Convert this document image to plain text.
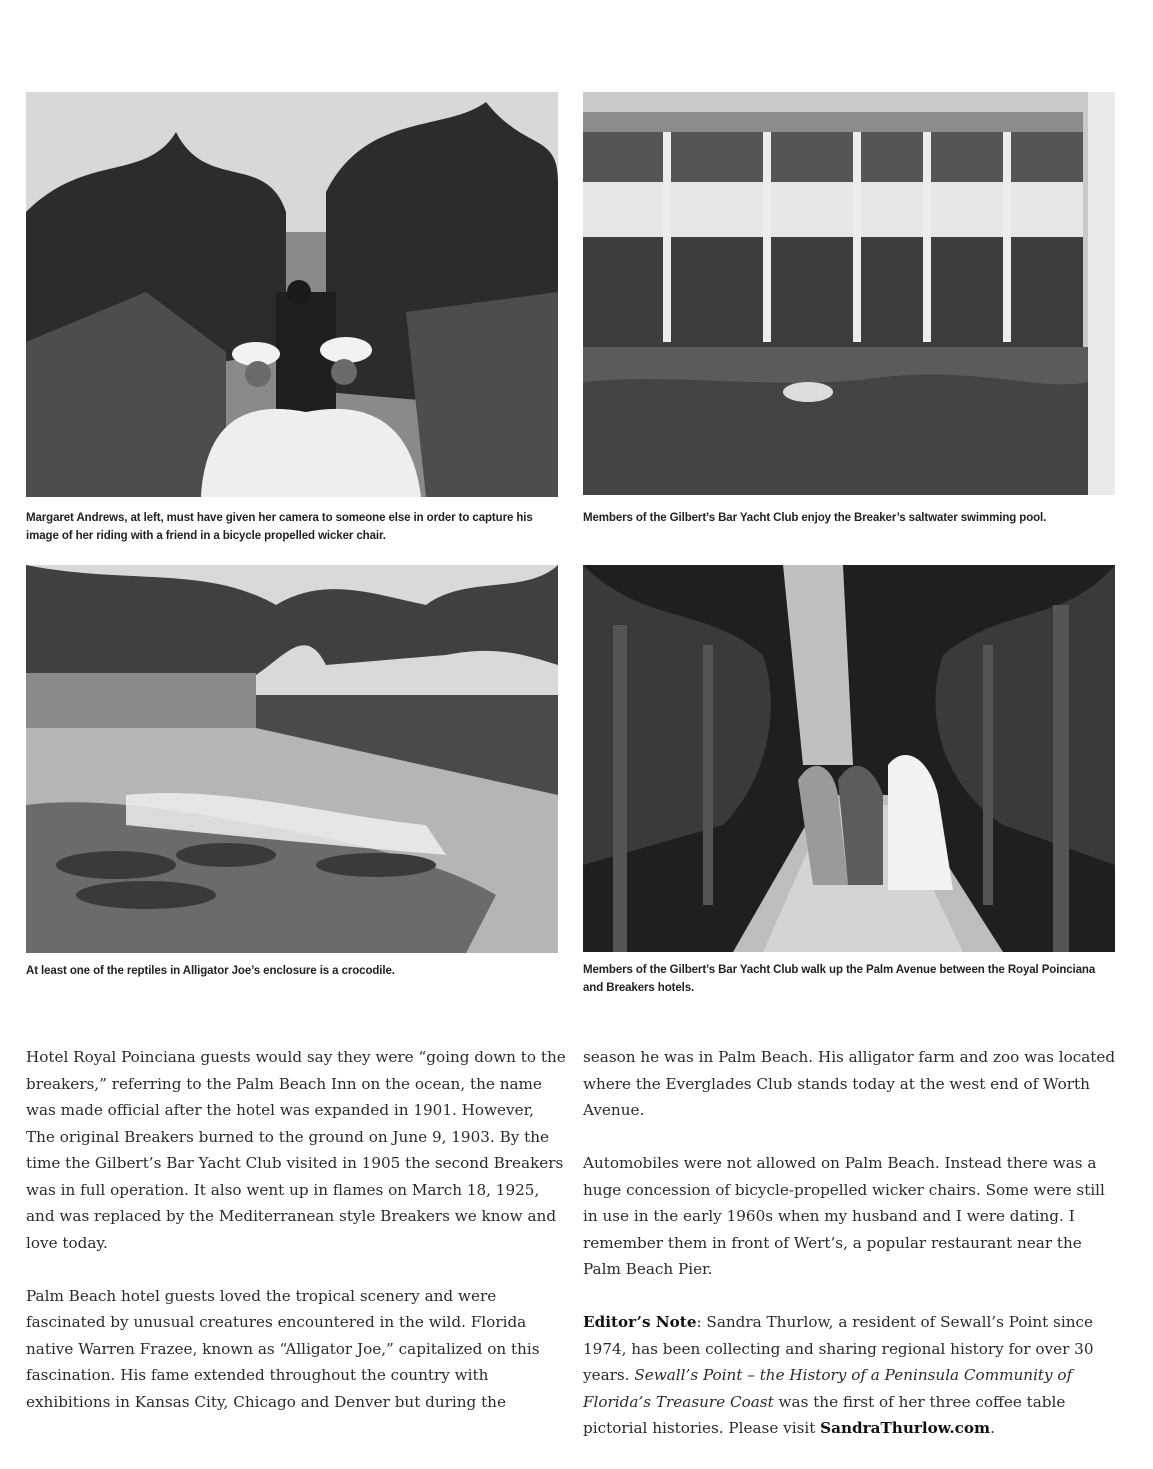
Margaret Andrews, at left, must have given her camera to someone else in order to capture his image of her riding with a friend in a bicycle propelled wicker chair.
Members of the Gilbert’s Bar Yacht Club enjoy the Breaker’s saltwater swimming pool.
At least one of the reptiles in Alligator Joe’s enclosure is a crocodile.	Members of the Gilbert’s Bar Yacht Club walk up the Palm Avenue between the Royal Poinciana and Breakers hotels.

Hotel Royal Poinciana guests would say they were “going down to the breakers,” referring to the Palm Beach Inn on the ocean, the name was made official after the hotel was expanded in 1901. However, The original Breakers burned to the ground on June 9, 1903. By the time the Gilbert’s Bar Yacht Club visited in 1905 the second Breakers was in full operation. It also went up in flames on March 18, 1925, and was replaced by the Mediterranean style Breakers we know and love today.

Palm Beach hotel guests loved the tropical scenery and were fascinated by unusual creatures encountered in the wild. Florida native Warren Frazee, known as “Alligator Joe,” capitalized on this fascination. His fame extended throughout the country with exhibitions in Kansas City, Chicago and Denver but during the

season he was in Palm Beach. His alligator farm and zoo was located where the Everglades Club stands today at the west end of Worth Avenue.

Automobiles were not allowed on Palm Beach. Instead there was a huge concession of bicycle-propelled wicker chairs. Some were still in use in the early 1960s when my husband and I were dating. I remember them in front of Wert’s, a popular restaurant near the Palm Beach Pier.

Editor’s Note: Sandra Thurlow, a resident of Sewall’s Point since 1974, has been collecting and sharing regional history for over 30 years. Sewall’s Point – the History of a Peninsula Community of Florida’s Treasure Coast was the first of her three coffee table pictorial histories. Please visit SandraThurlow.com.
